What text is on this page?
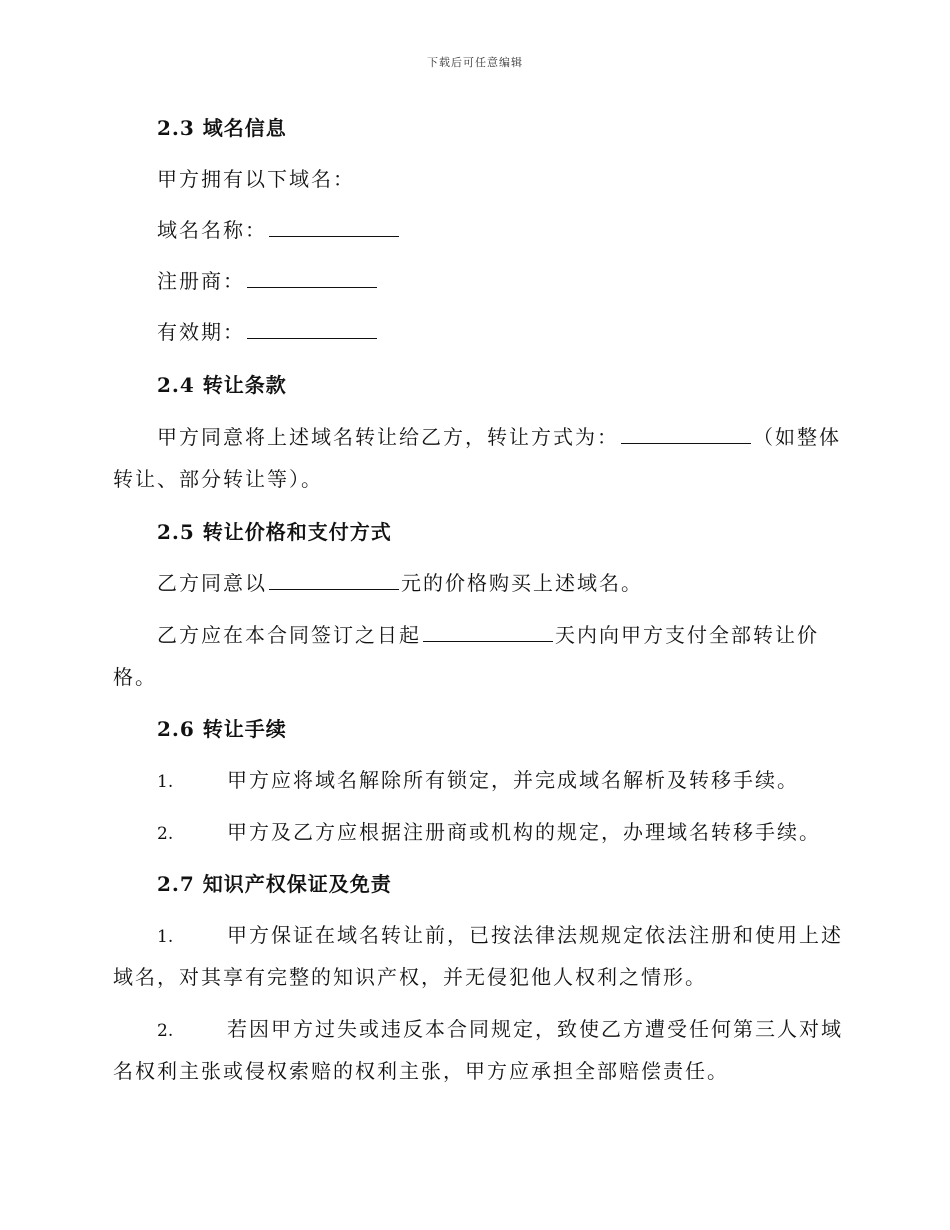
下载后可任意编辑
2.3 域名信息
甲方拥有以下域名：
域名名称：
注册商：
有效期：
2.4 转让条款
甲方同意将上述域名转让给乙方，转让方式为：	（如整体
转让、部分转让等）。
2.5 转让价格和支付方式
乙方同意以	元的价格购买上述域名。
乙方应在本合同签订之日起	天内向甲方支付全部转让价
格。
2.6 转让手续
1.	甲方应将域名解除所有锁定，并完成域名解析及转移手续。
2.	甲方及乙方应根据注册商或机构的规定，办理域名转移手续。
2.7 知识产权保证及免责
1.	甲方保证在域名转让前，已按法律法规规定依法注册和使用上述
域名，对其享有完整的知识产权，并无侵犯他人权利之情形。
2.	若因甲方过失或违反本合同规定，致使乙方遭受任何第三人对域
名权利主张或侵权索赔的权利主张，甲方应承担全部赔偿责任。
